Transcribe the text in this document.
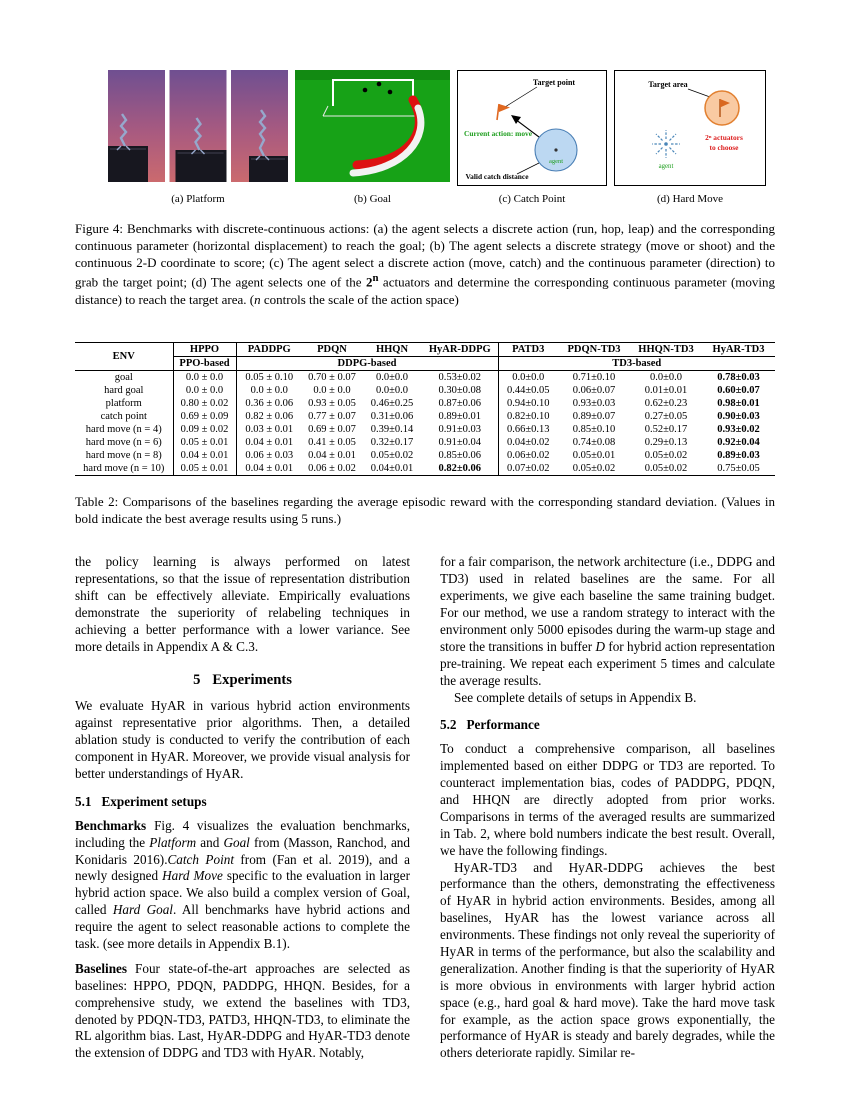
Target point
Current action: move
agent
Valid catch distance
Target area
2ⁿ actuators
to choose
agent
(a) Platform	(b) Goal	(c) Catch Point	(d) Hard Move
Figure 4: Benchmarks with discrete-continuous actions: (a) the agent selects a discrete action (run, hop, leap) and the corresponding continuous parameter (horizontal displacement) to reach the goal; (b) The agent selects a discrete strategy (move or shoot) and the continuous 2-D coordinate to score; (c) The agent select a discrete action (move, catch) and the continuous parameter (direction) to grab the target point; (d) The agent selects one of the 2$^n$ actuators and determine the corresponding continuous parameter (moving distance) to reach the target area. (n controls the scale of the action space)
ENV	HPPO	PADDPG	PDQN	HHQN	HyAR-DDPG	PATD3	PDQN-TD3	HHQN-TD3	HyAR-TD3
	PPO-based	DDPG-based				TD3-based			
goal	0.0 ± 0.0	0.05 ± 0.10	0.70 ± 0.07	0.0±0.0	0.53±0.02	0.0±0.0	0.71±0.10	0.0±0.0	0.78±0.03
hard goal	0.0 ± 0.0	0.0 ± 0.0	0.0 ± 0.0	0.0±0.0	0.30±0.08	0.44±0.05	0.06±0.07	0.01±0.01	0.60±0.07
platform	0.80 ± 0.02	0.36 ± 0.06	0.93 ± 0.05	0.46±0.25	0.87±0.06	0.94±0.10	0.93±0.03	0.62±0.23	0.98±0.01
catch point	0.69 ± 0.09	0.82 ± 0.06	0.77 ± 0.07	0.31±0.06	0.89±0.01	0.82±0.10	0.89±0.07	0.27±0.05	0.90±0.03
hard move (n = 4)	0.09 ± 0.02	0.03 ± 0.01	0.69 ± 0.07	0.39±0.14	0.91±0.03	0.66±0.13	0.85±0.10	0.52±0.17	0.93±0.02
hard move (n = 6)	0.05 ± 0.01	0.04 ± 0.01	0.41 ± 0.05	0.32±0.17	0.91±0.04	0.04±0.02	0.74±0.08	0.29±0.13	0.92±0.04
hard move (n = 8)	0.04 ± 0.01	0.06 ± 0.03	0.04 ± 0.01	0.05±0.02	0.85±0.06	0.06±0.02	0.05±0.01	0.05±0.02	0.89±0.03
hard move (n = 10)	0.05 ± 0.01	0.04 ± 0.01	0.06 ± 0.02	0.04±0.01	0.82±0.06	0.07±0.02	0.05±0.02	0.05±0.02	0.75±0.05
Table 2: Comparisons of the baselines regarding the average episodic reward with the corresponding standard deviation. (Values in bold indicate the best average results using 5 runs.)

the policy learning is always performed on latest representations, so that the issue of representation distribution shift can be effectively alleviate. Empirically evaluations demonstrate the superiority of relabeling techniques in achieving a better performance with a lower variance. See more details in Appendix A & C.3.

5 Experiments

We evaluate HyAR in various hybrid action environments against representative prior algorithms. Then, a detailed ablation study is conducted to verify the contribution of each component in HyAR. Moreover, we provide visual analysis for better understandings of HyAR.

5.1 Experiment setups

Benchmarks Fig. 4 visualizes the evaluation benchmarks, including the Platform and Goal from (Masson, Ranchod, and Konidaris 2016).Catch Point from (Fan et al. 2019), and a newly designed Hard Move specific to the evaluation in larger hybrid action space. We also build a complex version of Goal, called Hard Goal. All benchmarks have hybrid actions and require the agent to select reasonable actions to complete the task. (see more details in Appendix B.1).

Baselines Four state-of-the-art approaches are selected as baselines: HPPO, PDQN, PADDPG, HHQN. Besides, for a comprehensive study, we extend the baselines with TD3, denoted by PDQN-TD3, PATD3, HHQN-TD3, to eliminate the RL algorithm bias. Last, HyAR-DDPG and HyAR-TD3 denote the extension of DDPG and TD3 with HyAR. Notably,

for a fair comparison, the network architecture (i.e., DDPG and TD3) used in related baselines are the same. For all experiments, we give each baseline the same training budget. For our method, we use a random strategy to interact with the environment only 5000 episodes during the warm-up stage and store the transitions in buffer D for hybrid action representation pre-training. We repeat each experiment 5 times and calculate the average results.

See complete details of setups in Appendix B.

5.2 Performance

To conduct a comprehensive comparison, all baselines implemented based on either DDPG or TD3 are reported. To counteract implementation bias, codes of PADDPG, PDQN, and HHQN are directly adopted from prior works. Comparisons in terms of the averaged results are summarized in Tab. 2, where bold numbers indicate the best result. Overall, we have the following findings.

HyAR-TD3 and HyAR-DDPG achieves the best performance than the others, demonstrating the effectiveness of HyAR in hybrid action environments. Besides, among all baselines, HyAR has the lowest variance across all environments. These findings not only reveal the superiority of HyAR in terms of the performance, but also the scalability and generalization. Another finding is that the superiority of HyAR is more obvious in environments with larger hybrid action space (e.g., hard goal & hard move). Take the hard move task for example, as the action space grows exponentially, the performance of HyAR is steady and barely degrades, while the others deteriorate rapidly. Similar re-
